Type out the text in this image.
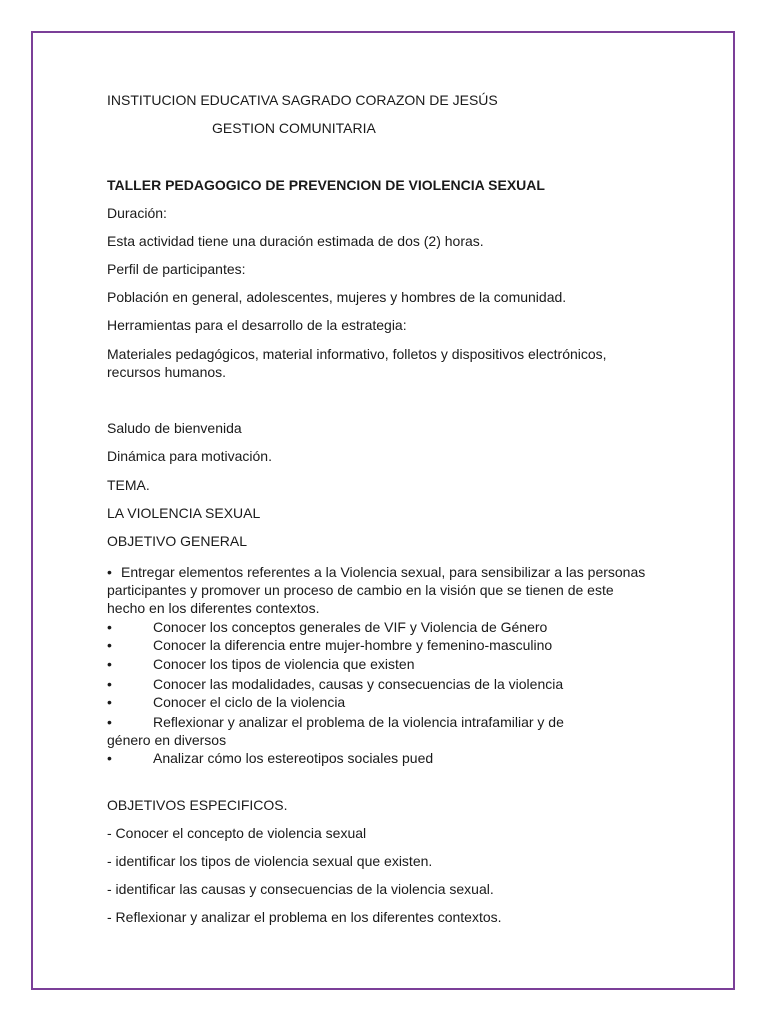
INSTITUCION EDUCATIVA SAGRADO CORAZON DE JESÚS
GESTION COMUNITARIA
TALLER PEDAGOGICO DE PREVENCION DE VIOLENCIA SEXUAL
Duración:
Esta actividad tiene una duración estimada de dos (2) horas.
Perfil de participantes:
Población en general, adolescentes, mujeres y hombres de la comunidad.
Herramientas para el desarrollo de la estrategia:
Materiales pedagógicos, material informativo, folletos y dispositivos electrónicos, recursos humanos.
Saludo de bienvenida
Dinámica para motivación.
TEMA.
LA VIOLENCIA SEXUAL
OBJETIVO GENERAL
• Entregar elementos referentes a la Violencia sexual, para sensibilizar a las personas participantes y promover un proceso de cambio en la visión que se tienen de este hecho en los diferentes contextos.
•	Conocer los conceptos generales de VIF y Violencia de Género
•	Conocer la diferencia entre mujer-hombre y femenino-masculino
•	Conocer los tipos de violencia que existen
•	Conocer las modalidades, causas y consecuencias de la violencia
•	Conocer el ciclo de la violencia
•	Reflexionar y analizar el problema de la violencia intrafamiliar y de
género en diversos
•	Analizar cómo los estereotipos sociales pued
OBJETIVOS ESPECIFICOS.
- Conocer el concepto de violencia sexual
- identificar los tipos de violencia sexual que existen.
- identificar las causas y consecuencias de la violencia sexual.
- Reflexionar y analizar el problema en los diferentes contextos.
